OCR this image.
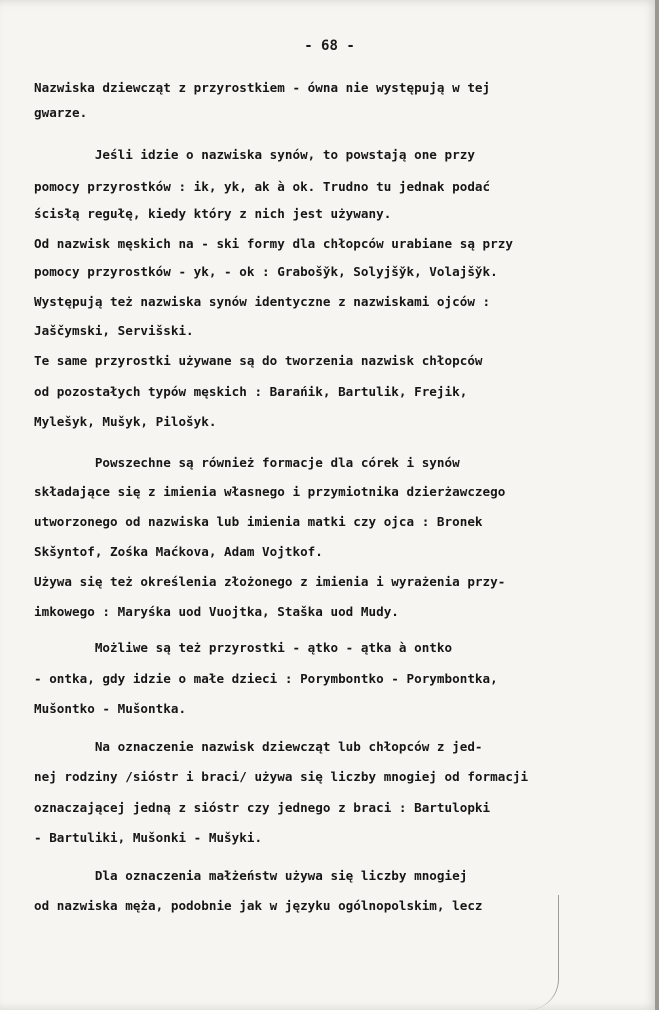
- 68 -
Nazwiska dziewcząt z przyrostkiem - ówna nie występują w tej
gwarze.
Jeśli idzie o nazwiska synów, to powstają one przy
pomocy przyrostków : ik, yk, ak à ok. Trudno tu jednak podać
ścisłą regułę, kiedy który z nich jest używany.
Od nazwisk męskich na - ski formy dla chłopców urabiane są przy
pomocy przyrostków - yk, - ok : Grabošy̌k, Solyjšy̌k, Volajšy̌k.
Występują też nazwiska synów identyczne z nazwiskami ojców :
Jaščymski, Servišski.
Te same przyrostki używane są do tworzenia nazwisk chłopców
od pozostałych typów męskich : Barańik, Bartulik, Frejik,
Mylešyk, Mušyk, Pilošyk.
Powszechne są również formacje dla córek i synów
składające się z imienia własnego i przymiotnika dzierżawczego
utworzonego od nazwiska lub imienia matki czy ojca : Bronek
Skšyntof, Zośka Maćkova, Adam Vojtkof.
Używa się też określenia złożonego z imienia i wyrażenia przy-
imkowego : Maryśka uod Vuojtka, Staška uod Mudy.
Możliwe są też przyrostki - ątko - ątka à ontko
- ontka, gdy idzie o małe dzieci : Porymbontko - Porymbontka,
Mušontko - Mušontka.
Na oznaczenie nazwisk dziewcząt lub chłopców z jed-
nej rodziny /sióstr i braci/ używa się liczby mnogiej od formacji
oznaczającej jedną z sióstr czy jednego z braci : Bartulopki
- Bartuliki, Mušonki - Mušyki.
Dla oznaczenia małżeństw używa się liczby mnogiej
od nazwiska męża, podobnie jak w języku ogólnopolskim, lecz
